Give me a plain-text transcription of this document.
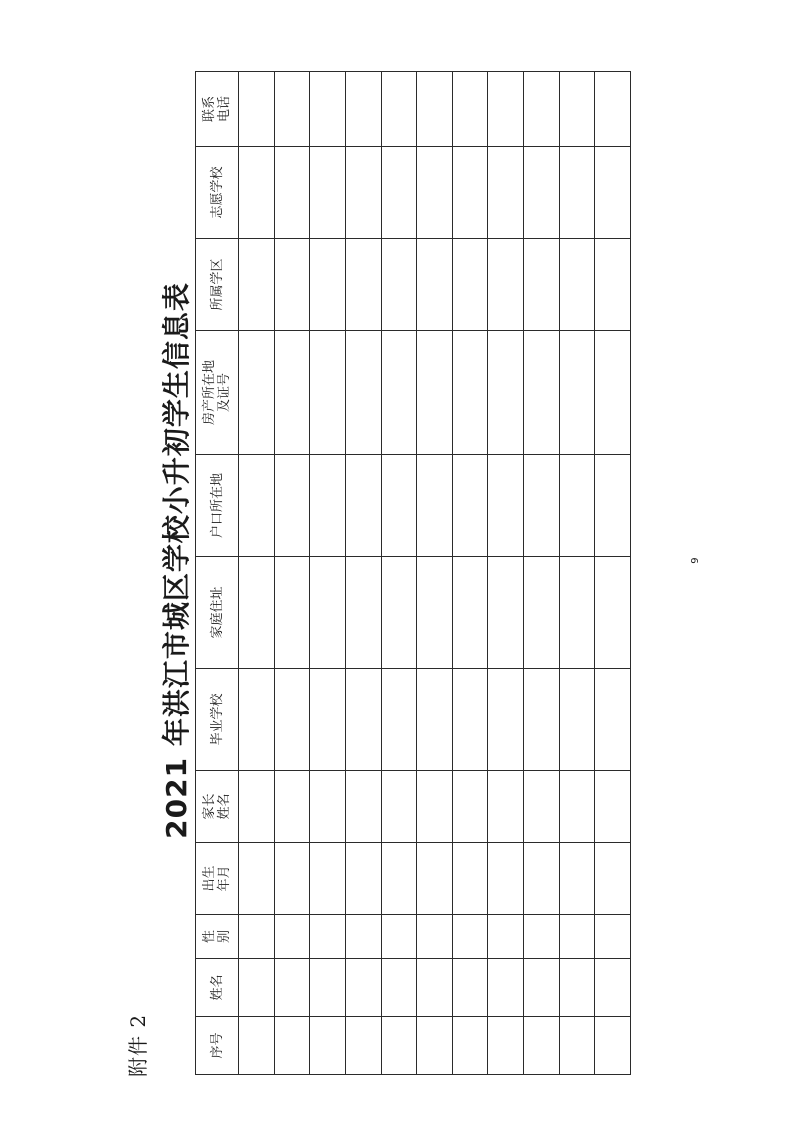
附件 2
2021 年洪江市城区学校小升初学生信息表
序号	姓名	性别	出生年月	家长姓名	毕业学校	家庭住址	户口所在地	房产所在地及证号	所属学区	志愿学校	联系电话

9
